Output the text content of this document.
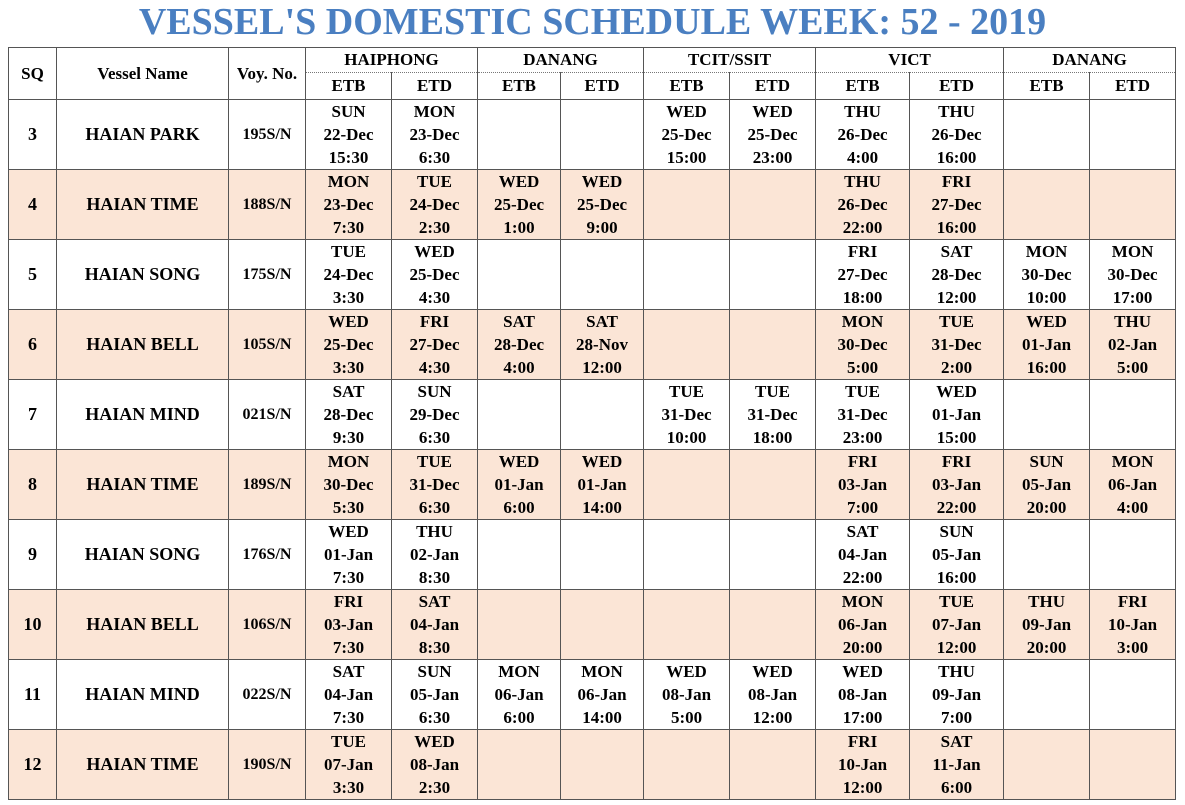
VESSEL'S DOMESTIC SCHEDULE WEEK: 52 - 2019
SQ	Vessel Name	Voy. No.	HAIPHONG		DANANG		TCIT/SSIT		VICT		DANANG	
			ETB	ETD	ETB	ETD	ETB	ETD	ETB	ETD	ETB	ETD
3	HAIAN PARK	195S/N	SUN
22-Dec
15:30	MON
23-Dec
6:30			WED
25-Dec
15:00	WED
25-Dec
23:00	THU
26-Dec
4:00	THU
26-Dec
16:00		

4	HAIAN TIME	188S/N	MON
23-Dec
7:30	TUE
24-Dec
2:30	WED
25-Dec
1:00	WED
25-Dec
9:00			THU
26-Dec
22:00	FRI
27-Dec
16:00		

5	HAIAN SONG	175S/N	TUE
24-Dec
3:30	WED
25-Dec
4:30					FRI
27-Dec
18:00	SAT
28-Dec
12:00	MON
30-Dec
10:00	MON
30-Dec
17:00

6	HAIAN BELL	105S/N	WED
25-Dec
3:30	FRI
27-Dec
4:30	SAT
28-Dec
4:00	SAT
28-Nov
12:00			MON
30-Dec
5:00	TUE
31-Dec
2:00	WED
01-Jan
16:00	THU
02-Jan
5:00

7	HAIAN MIND	021S/N	SAT
28-Dec
9:30	SUN
29-Dec
6:30			TUE
31-Dec
10:00	TUE
31-Dec
18:00	TUE
31-Dec
23:00	WED
01-Jan
15:00		

8	HAIAN TIME	189S/N	MON
30-Dec
5:30	TUE
31-Dec
6:30	WED
01-Jan
6:00	WED
01-Jan
14:00			FRI
03-Jan
7:00	FRI
03-Jan
22:00	SUN
05-Jan
20:00	MON
06-Jan
4:00

9	HAIAN SONG	176S/N	WED
01-Jan
7:30	THU
02-Jan
8:30					SAT
04-Jan
22:00	SUN
05-Jan
16:00		

10	HAIAN BELL	106S/N	FRI
03-Jan
7:30	SAT
04-Jan
8:30					MON
06-Jan
20:00	TUE
07-Jan
12:00	THU
09-Jan
20:00	FRI
10-Jan
3:00

11	HAIAN MIND	022S/N	SAT
04-Jan
7:30	SUN
05-Jan
6:30	MON
06-Jan
6:00	MON
06-Jan
14:00	WED
08-Jan
5:00	WED
08-Jan
12:00	WED
08-Jan
17:00	THU
09-Jan
7:00		

12	HAIAN TIME	190S/N	TUE
07-Jan
3:30	WED
08-Jan
2:30					FRI
10-Jan
12:00	SAT
11-Jan
6:00		
